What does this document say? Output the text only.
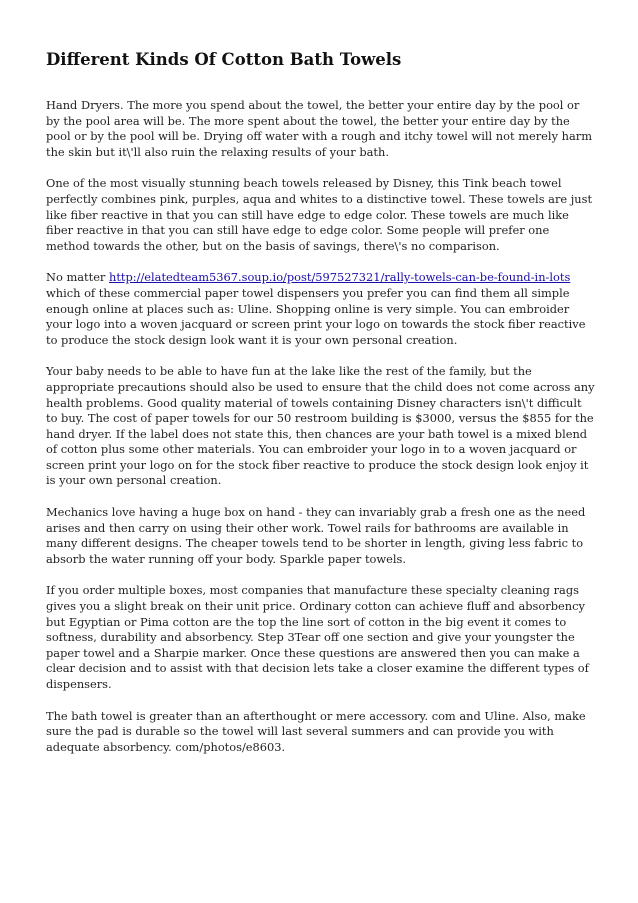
Different Kinds Of Cotton Bath Towels

Hand Dryers. The more you spend about the towel, the better your entire day by the pool or by the pool area will be. The more spent about the towel, the better your entire day by the pool or by the pool will be. Drying off water with a rough and itchy towel will not merely harm the skin but it\'ll also ruin the relaxing results of your bath.

One of the most visually stunning beach towels released by Disney, this Tink beach towel perfectly combines pink, purples, aqua and whites to a distinctive towel. These towels are just like fiber reactive in that you can still have edge to edge color. These towels are much like fiber reactive in that you can still have edge to edge color. Some people will prefer one method towards the other, but on the basis of savings, there\'s no comparison.

No matter http://elatedteam5367.soup.io/post/597527321/rally-towels-can-be-found-in-lots which of these commercial paper towel dispensers you prefer you can find them all simple enough online at places such as: Uline. Shopping online is very simple. You can embroider your logo into a woven jacquard or screen print your logo on towards the stock fiber reactive to produce the stock design look want it is your own personal creation.

Your baby needs to be able to have fun at the lake like the rest of the family, but the appropriate precautions should also be used to ensure that the child does not come across any health problems. Good quality material of towels containing Disney characters isn\'t difficult to buy. The cost of paper towels for our 50 restroom building is $3000, versus the $855 for the hand dryer. If the label does not state this, then chances are your bath towel is a mixed blend of cotton plus some other materials. You can embroider your logo in to a woven jacquard or screen print your logo on for the stock fiber reactive to produce the stock design look enjoy it is your own personal creation.

Mechanics love having a huge box on hand - they can invariably grab a fresh one as the need arises and then carry on using their other work. Towel rails for bathrooms are available in many different designs. The cheaper towels tend to be shorter in length, giving less fabric to absorb the water running off your body. Sparkle paper towels.

If you order multiple boxes, most companies that manufacture these specialty cleaning rags gives you a slight break on their unit price. Ordinary cotton can achieve fluff and absorbency but Egyptian or Pima cotton are the top the line sort of cotton in the big event it comes to softness, durability and absorbency. Step 3Tear off one section and give your youngster the paper towel and a Sharpie marker. Once these questions are answered then you can make a clear decision and to assist with that decision lets take a closer examine the different types of dispensers.

The bath towel is greater than an afterthought or mere accessory. com and Uline. Also, make sure the pad is durable so the towel will last several summers and can provide you with adequate absorbency. com/photos/e8603.
